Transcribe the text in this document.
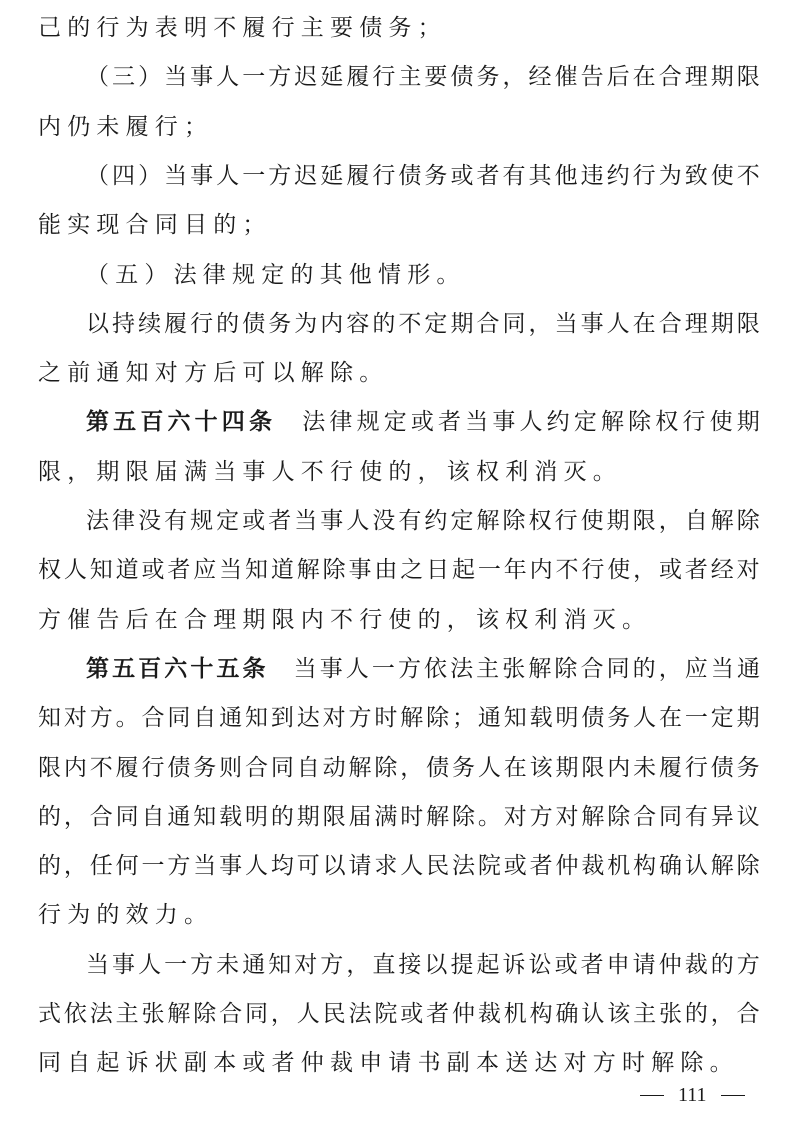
己的行为表明不履行主要债务；
（ 三 ） 当 事 人 一 方 迟 延 履 行 主 要 债 务 ， 经 催 告 后 在 合 理 期 限
内仍未履行；
（ 四 ） 当 事 人 一 方 迟 延 履 行 债 务 或 者 有 其 他 违 约 行 为 致 使 不
能实现合同目的；
（五）法律规定的其他情形。
以 持 续 履 行 的 债 务 为 内 容 的 不 定 期 合 同 ， 当 事 人 在 合 理 期 限
之前通知对方后可以解除。
第 五 百 六 十 四 条 法 律 规 定 或 者 当 事 人 约 定 解 除 权 行 使 期
限，期限届满当事人不行使的，该权利消灭。
法 律 没 有 规 定 或 者 当 事 人 没 有 约 定 解 除 权 行 使 期 限 ， 自 解 除
权 人 知 道 或 者 应 当 知 道 解 除 事 由 之 日 起 一 年 内 不 行 使 ， 或 者 经 对
方催告后在合理期限内不行使的，该权利消灭。
第 五 百 六 十 五 条 当 事 人 一 方 依 法 主 张 解 除 合 同 的 ， 应 当 通
知 对 方 。 合 同 自 通 知 到 达 对 方 时 解 除 ； 通 知 载 明 债 务 人 在 一 定 期
限 内 不 履 行 债 务 则 合 同 自 动 解 除 ， 债 务 人 在 该 期 限 内 未 履 行 债 务
的 ， 合 同 自 通 知 载 明 的 期 限 届 满 时 解 除 。 对 方 对 解 除 合 同 有 异 议
的 ， 任 何 一 方 当 事 人 均 可 以 请 求 人 民 法 院 或 者 仲 裁 机 构 确 认 解 除
行为的效力。
当 事 人 一 方 未 通 知 对 方 ， 直 接 以 提 起 诉 讼 或 者 申 请 仲 裁 的 方
式 依 法 主 张 解 除 合 同 ， 人 民 法 院 或 者 仲 裁 机 构 确 认 该 主 张 的 ， 合
同自起诉状副本或者仲裁申请书副本送达对方时解除。
111
